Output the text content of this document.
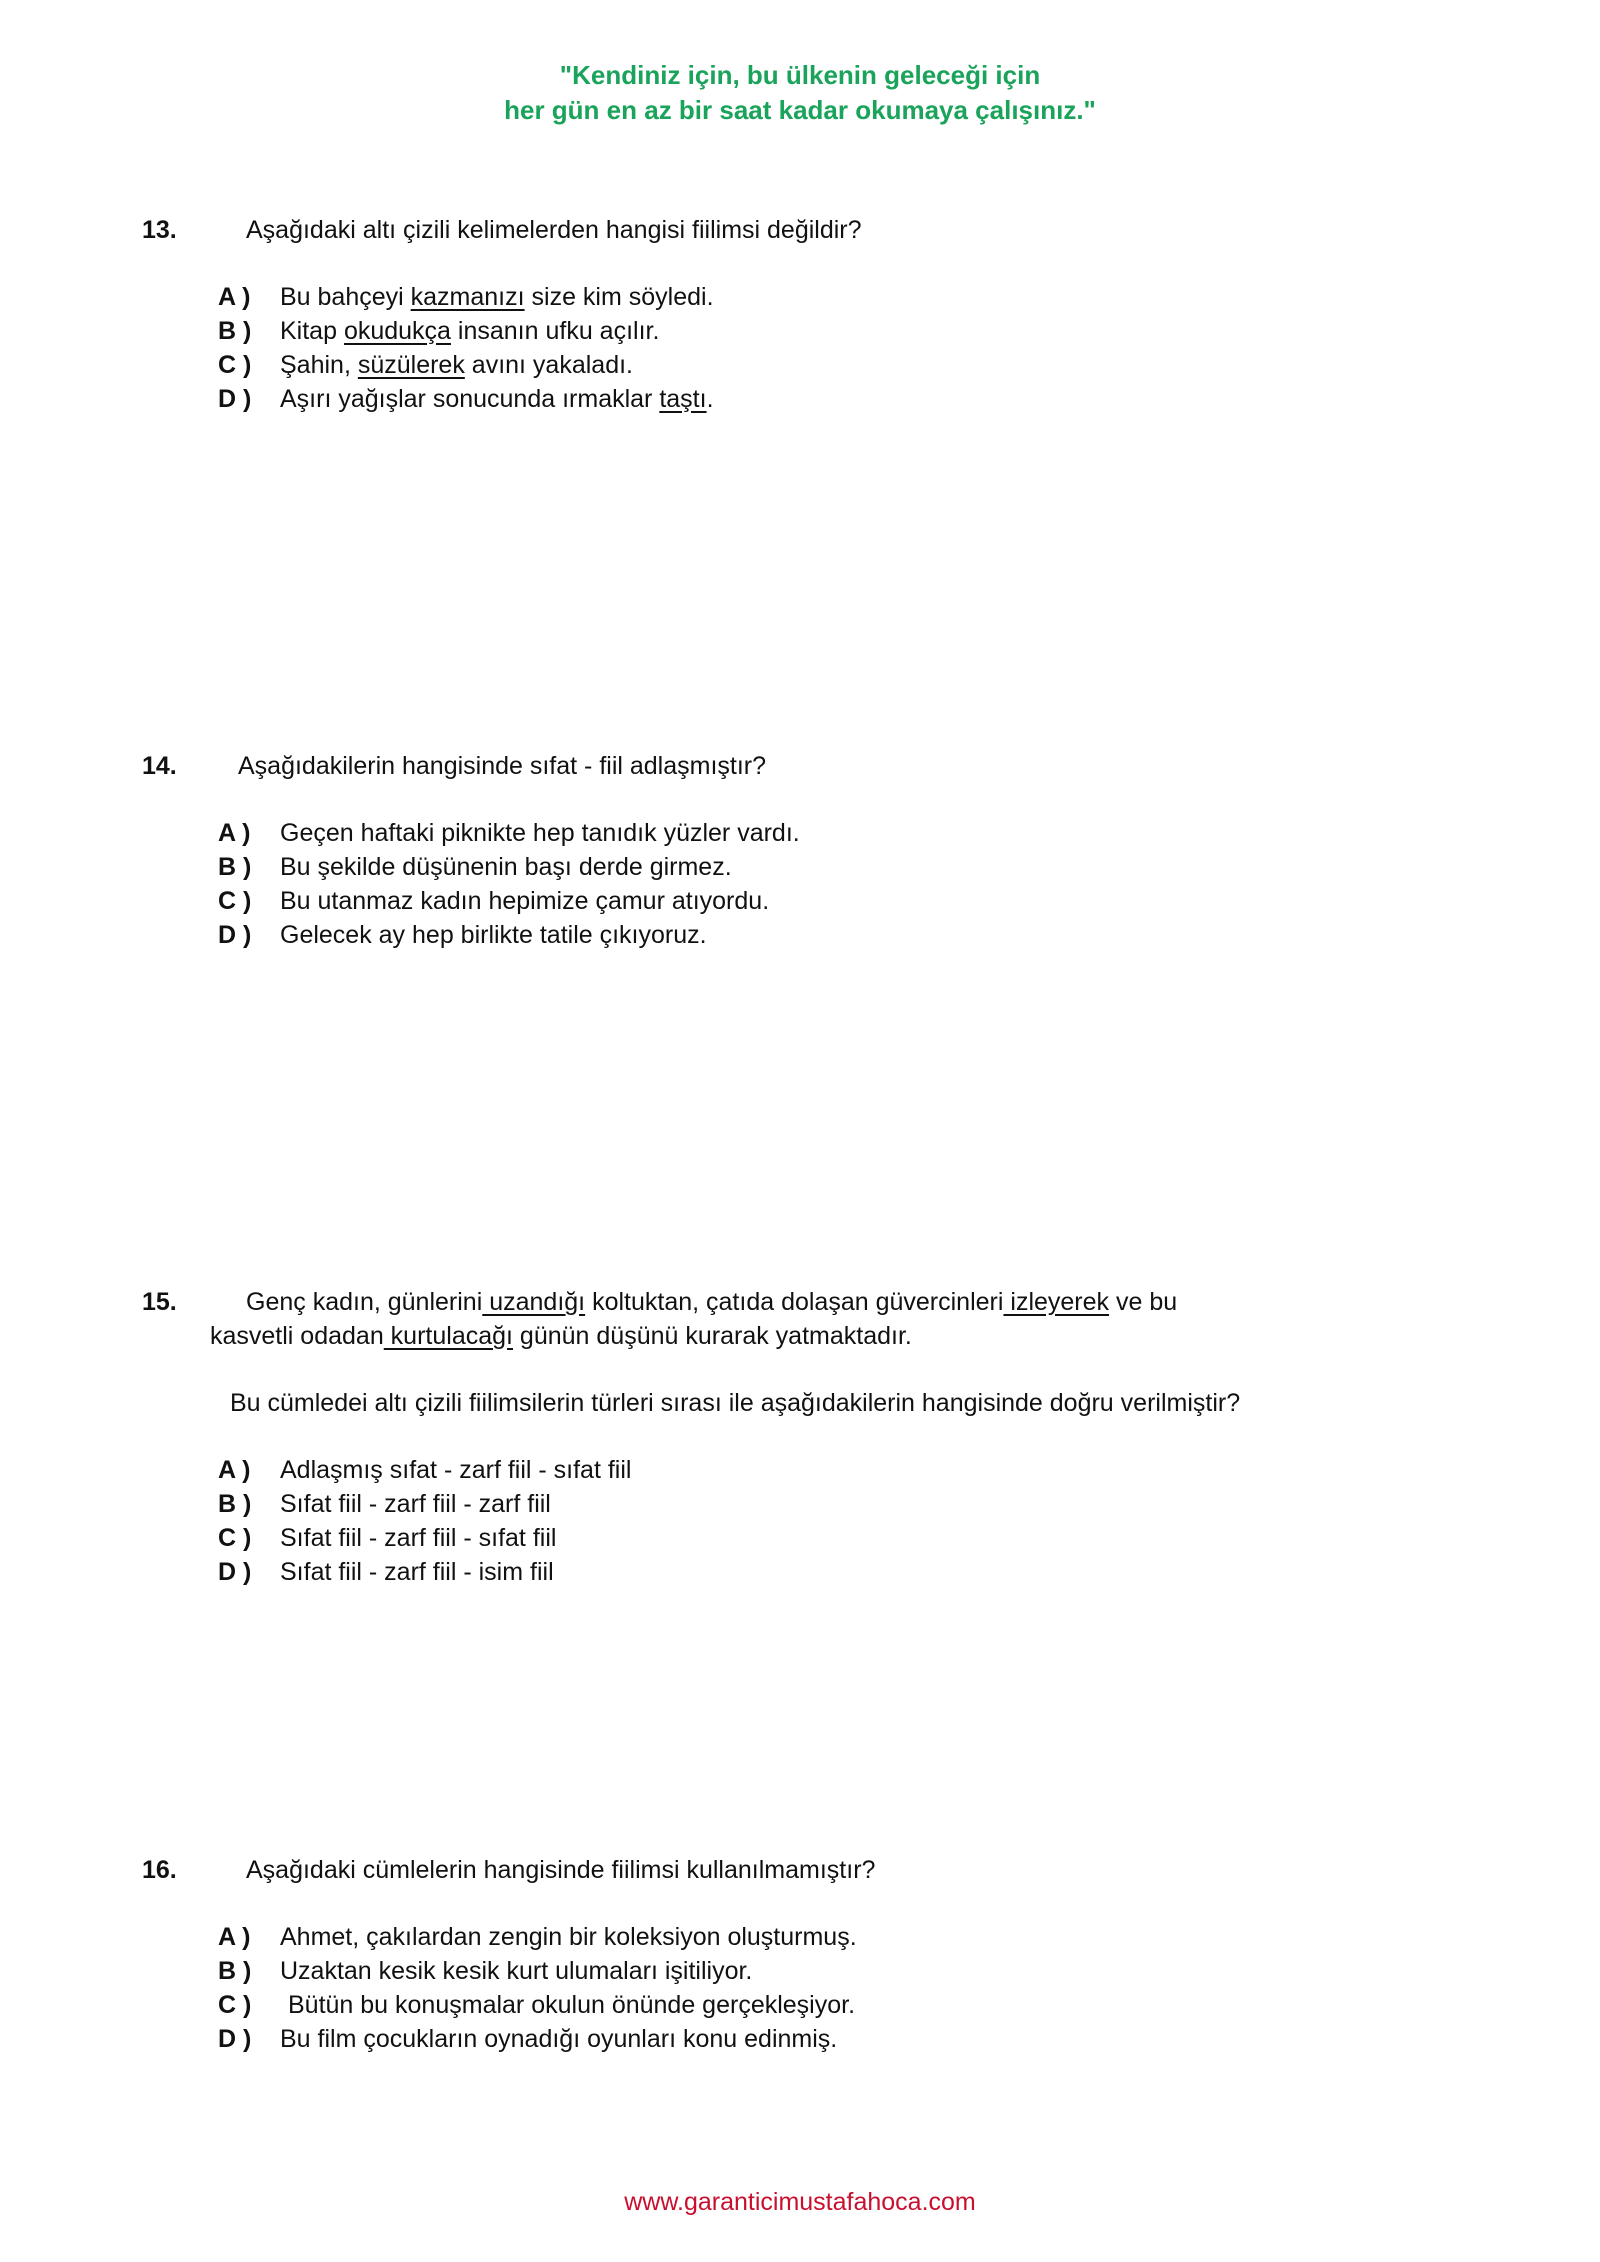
"Kendiniz için, bu ülkenin geleceği için
her gün en az bir saat kadar okumaya çalışınız."
13.	Aşağıdaki altı çizili kelimelerden hangisi fiilimsi değildir?
A ) Bu bahçeyi kazmanızı size kim söyledi.
B ) Kitap okudukça insanın ufku açılır.
C ) Şahin, süzülerek avını yakaladı.
D ) Aşırı yağışlar sonucunda ırmaklar taştı.
14. Aşağıdakilerin hangisinde sıfat - fiil adlaşmıştır?
A ) Geçen haftaki piknikte hep tanıdık yüzler vardı.
B ) Bu şekilde düşünenin başı derde girmez.
C ) Bu utanmaz kadın hepimize çamur atıyordu.
D ) Gelecek ay hep birlikte tatile çıkıyoruz.
15.	Genç kadın, günlerini uzandığı koltuktan, çatıda dolaşan güvercinleri izleyerek ve bu
kasvetli odadan kurtulacağı günün düşünü kurarak yatmaktadır.
Bu cümledei altı çizili fiilimsilerin türleri sırası ile aşağıdakilerin hangisinde doğru verilmiştir?
A ) Adlaşmış sıfat - zarf fiil - sıfat fiil
B ) Sıfat fiil - zarf fiil - zarf fiil
C ) Sıfat fiil - zarf fiil - sıfat fiil
D ) Sıfat fiil - zarf fiil - isim fiil
16.	Aşağıdaki cümlelerin hangisinde fiilimsi kullanılmamıştır?
A ) Ahmet, çakılardan zengin bir koleksiyon oluşturmuş.
B ) Uzaktan kesik kesik kurt ulumaları işitiliyor.
C ) Bütün bu konuşmalar okulun önünde gerçekleşiyor.
D ) Bu film çocukların oynadığı oyunları konu edinmiş.
www.garanticimustafahoca.com
